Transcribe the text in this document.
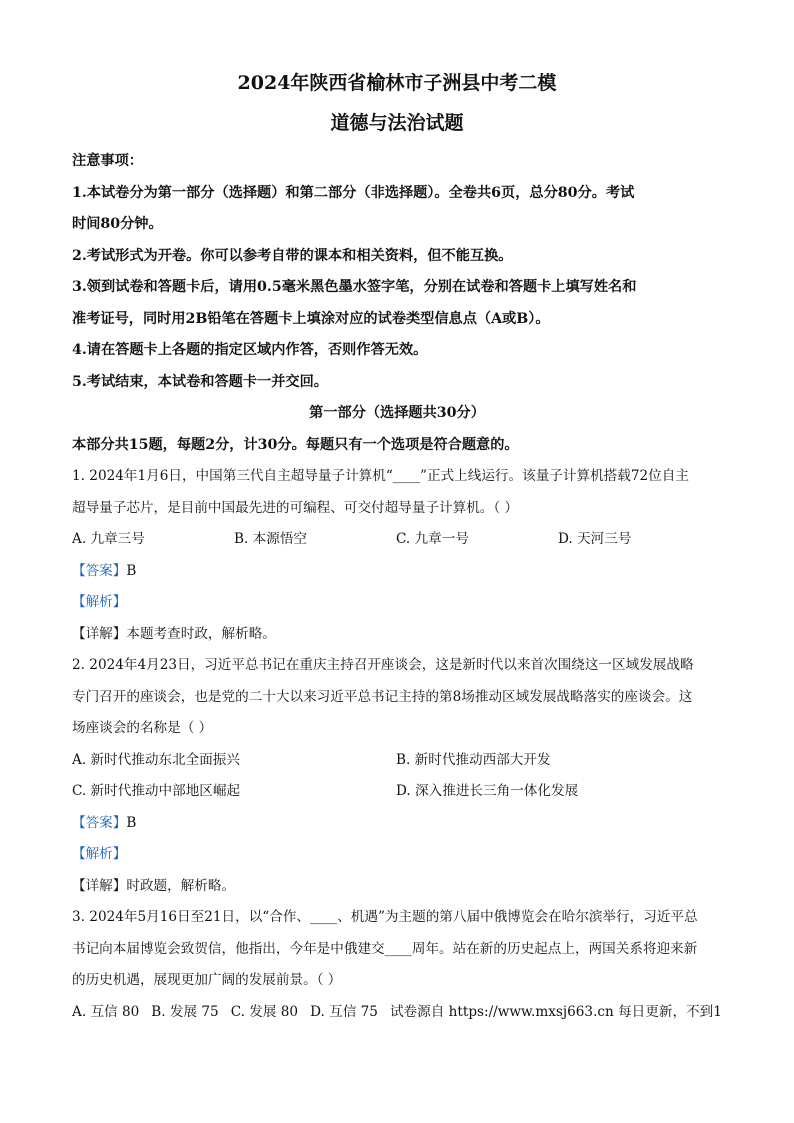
2024年陕西省榆林市子洲县中考二模
道德与法治试题
注意事项：
1.本试卷分为第一部分（选择题）和第二部分（非选择题）。全卷共6页，总分80分。考试
时间80分钟。
2.考试形式为开卷。你可以参考自带的课本和相关资料，但不能互换。
3.领到试卷和答题卡后，请用0.5毫米黑色墨水签字笔，分别在试卷和答题卡上填写姓名和
准考证号，同时用2B铅笔在答题卡上填涂对应的试卷类型信息点（A或B）。
4.请在答题卡上各题的指定区域内作答，否则作答无效。
5.考试结束，本试卷和答题卡一并交回。
第一部分（选择题共30分）
本部分共15题，每题2分，计30分。每题只有一个选项是符合题意的。
1. 2024年1月6日，中国第三代自主超导量子计算机“____”正式上线运行。该量子计算机搭载72位自主
超导量子芯片，是目前中国最先进的可编程、可交付超导量子计算机。（ ）
A. 九章三号	B. 本源悟空	C. 九章一号	D. 天河三号
【答案】B
【解析】
【详解】本题考查时政，解析略。
2. 2024年4月23日，习近平总书记在重庆主持召开座谈会，这是新时代以来首次围绕这一区域发展战略
专门召开的座谈会，也是党的二十大以来习近平总书记主持的第8场推动区域发展战略落实的座谈会。这
场座谈会的名称是（ ）
A. 新时代推动东北全面振兴	B. 新时代推动西部大开发
C. 新时代推动中部地区崛起	D. 深入推进长三角一体化发展
【答案】B
【解析】
【详解】时政题，解析略。
3. 2024年5月16日至21日，以“合作、____、机遇”为主题的第八届中俄博览会在哈尔滨举行，习近平总
书记向本届博览会致贺信，他指出，今年是中俄建交____周年。站在新的历史起点上，两国关系将迎来新
的历史机遇，展现更加广阔的发展前景。（ ）
A. 互信 80 B. 发展 75 C. 发展 80 D. 互信 75 试卷源自 https://www.mxsj663.cn 每日更新，不到1
